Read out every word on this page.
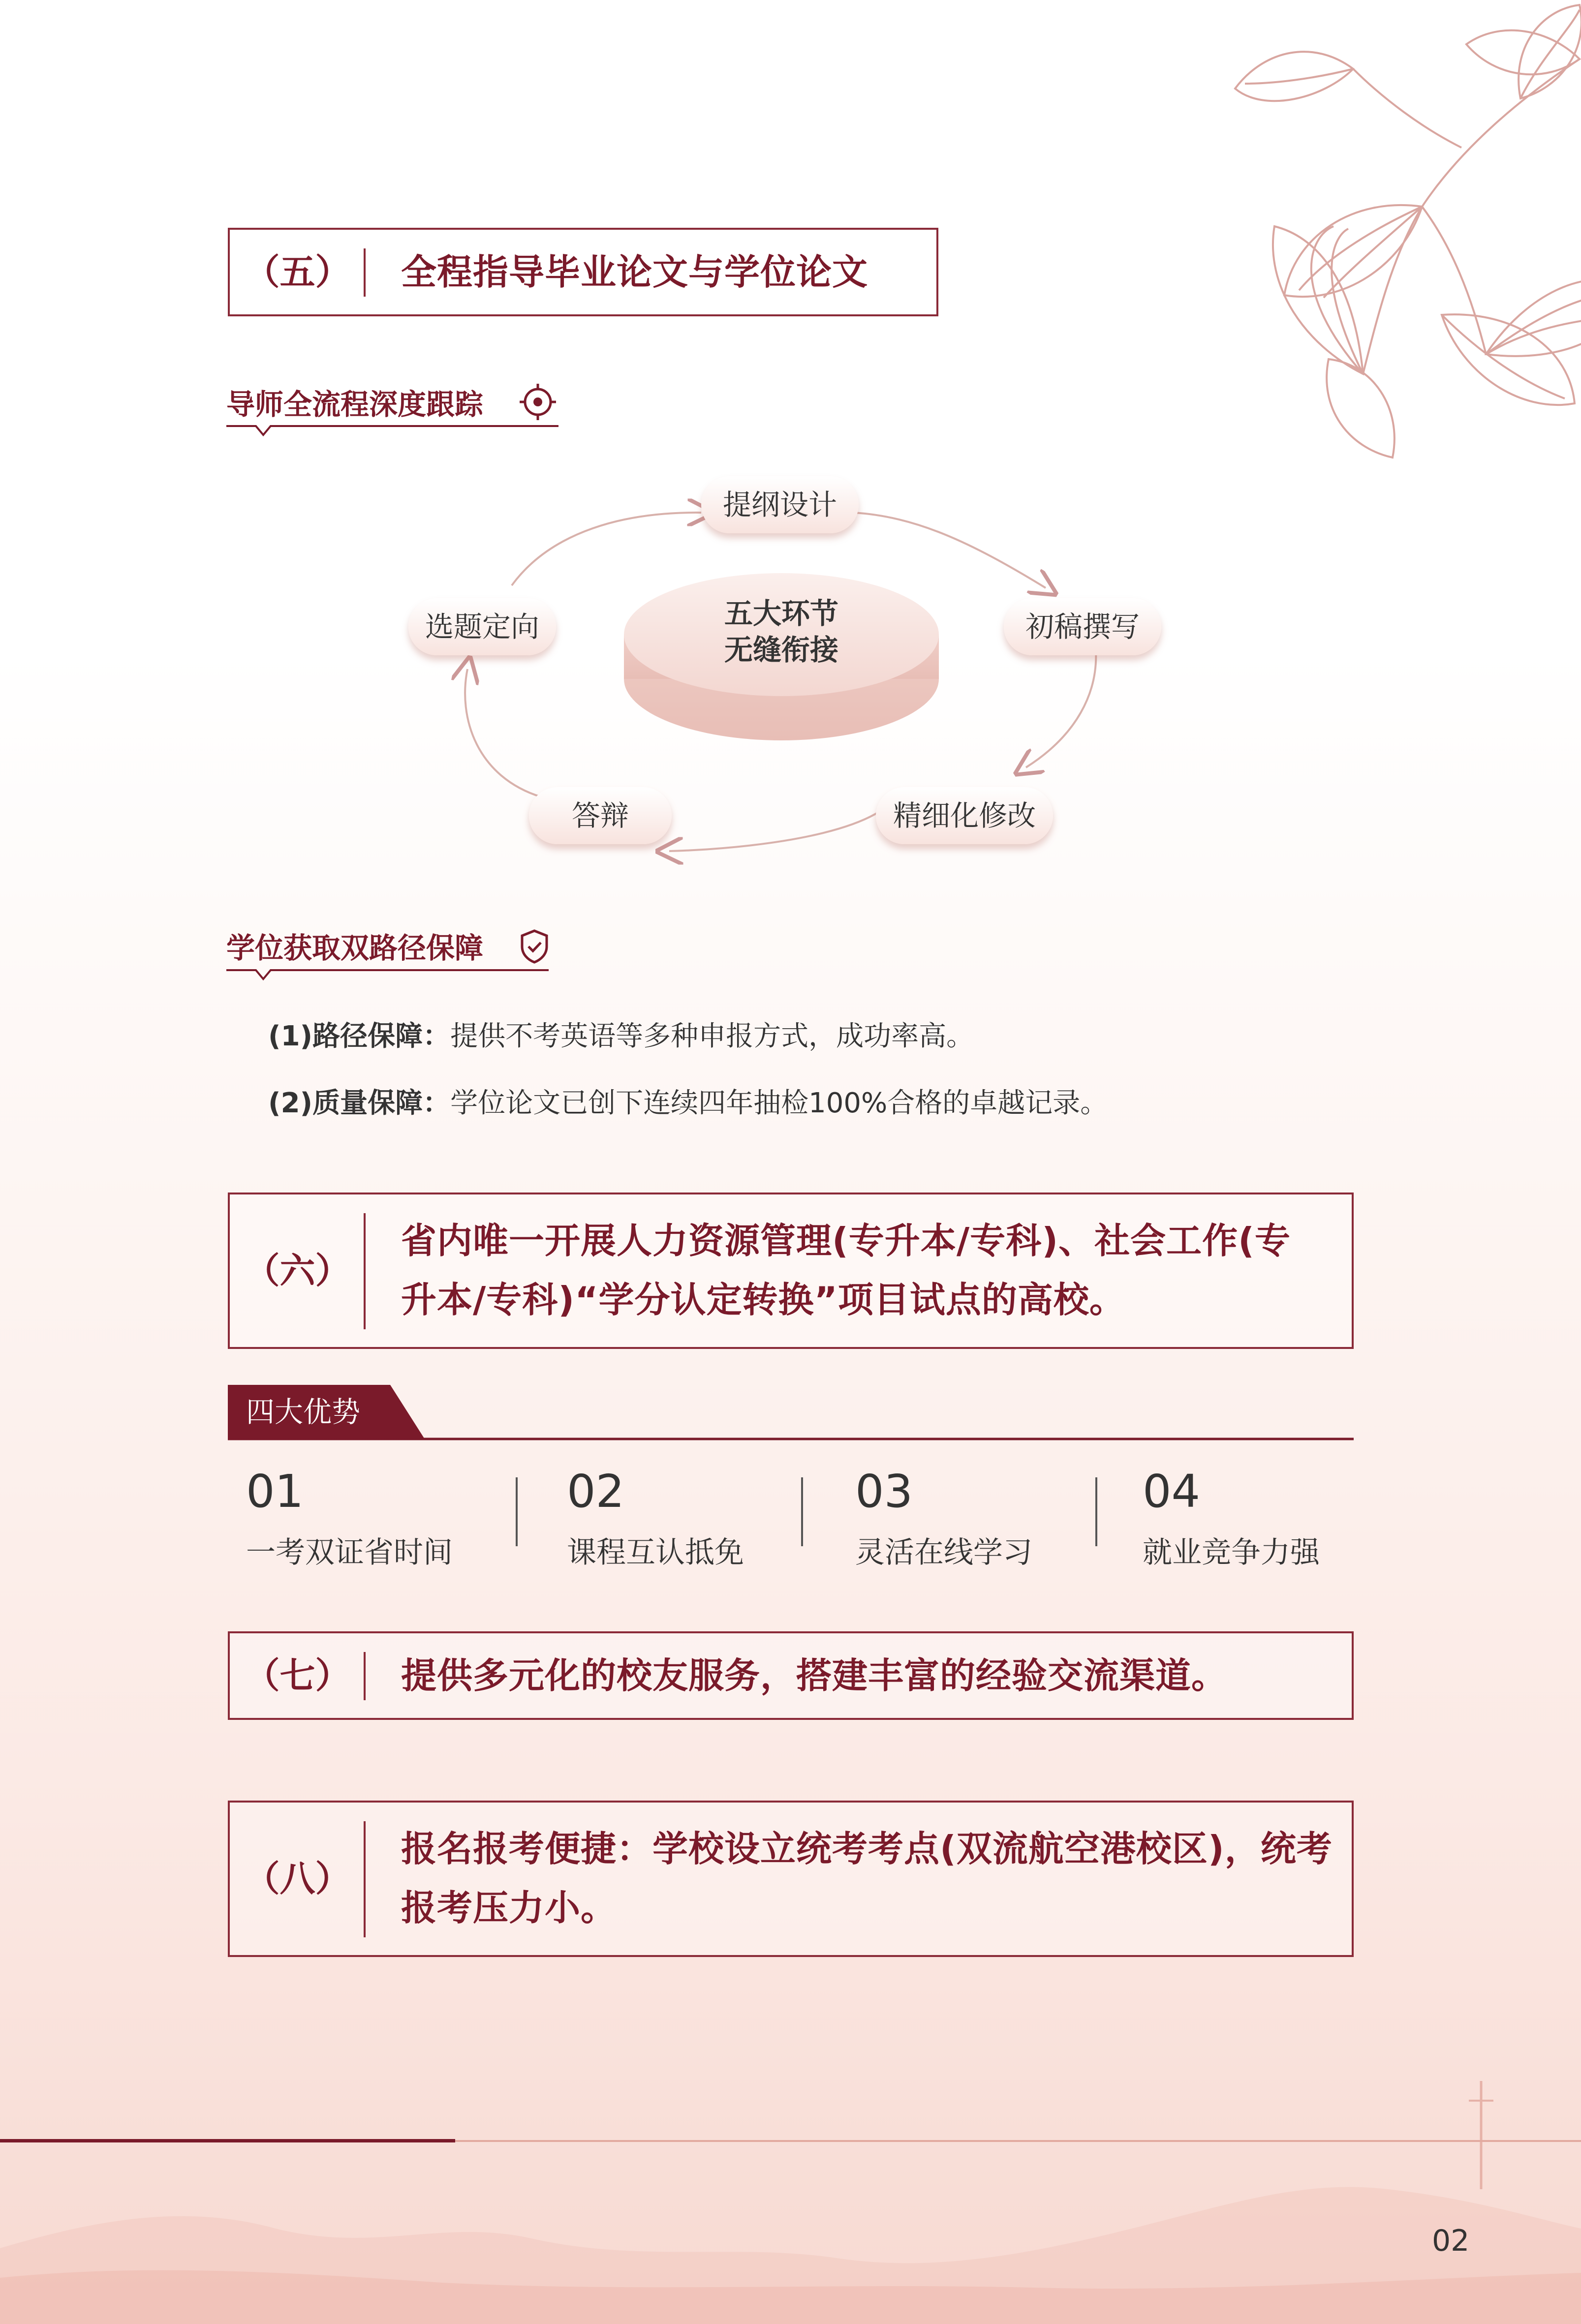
（五）	全程指导毕业论文与学位论文
导师全流程深度跟踪
五大环节
无缝衔接
提纲设计
初稿撰写
精细化修改
答辩
选题定向
学位获取双路径保障
(1)路径保障：提供不考英语等多种申报方式，成功率高。
(2)质量保障：学位论文已创下连续四年抽检100%合格的卓越记录。
（六）
省内唯一开展人力资源管理(专升本/专科)、社会工作(专
升本/专科)“学分认定转换”项目试点的高校。
四大优势
01
一考双证省时间
02
课程互认抵免
03
灵活在线学习
04
就业竞争力强
（七）	提供多元化的校友服务，搭建丰富的经验交流渠道。
（八）
报名报考便捷：学校设立统考考点(双流航空港校区)，统考
报考压力小。
02
